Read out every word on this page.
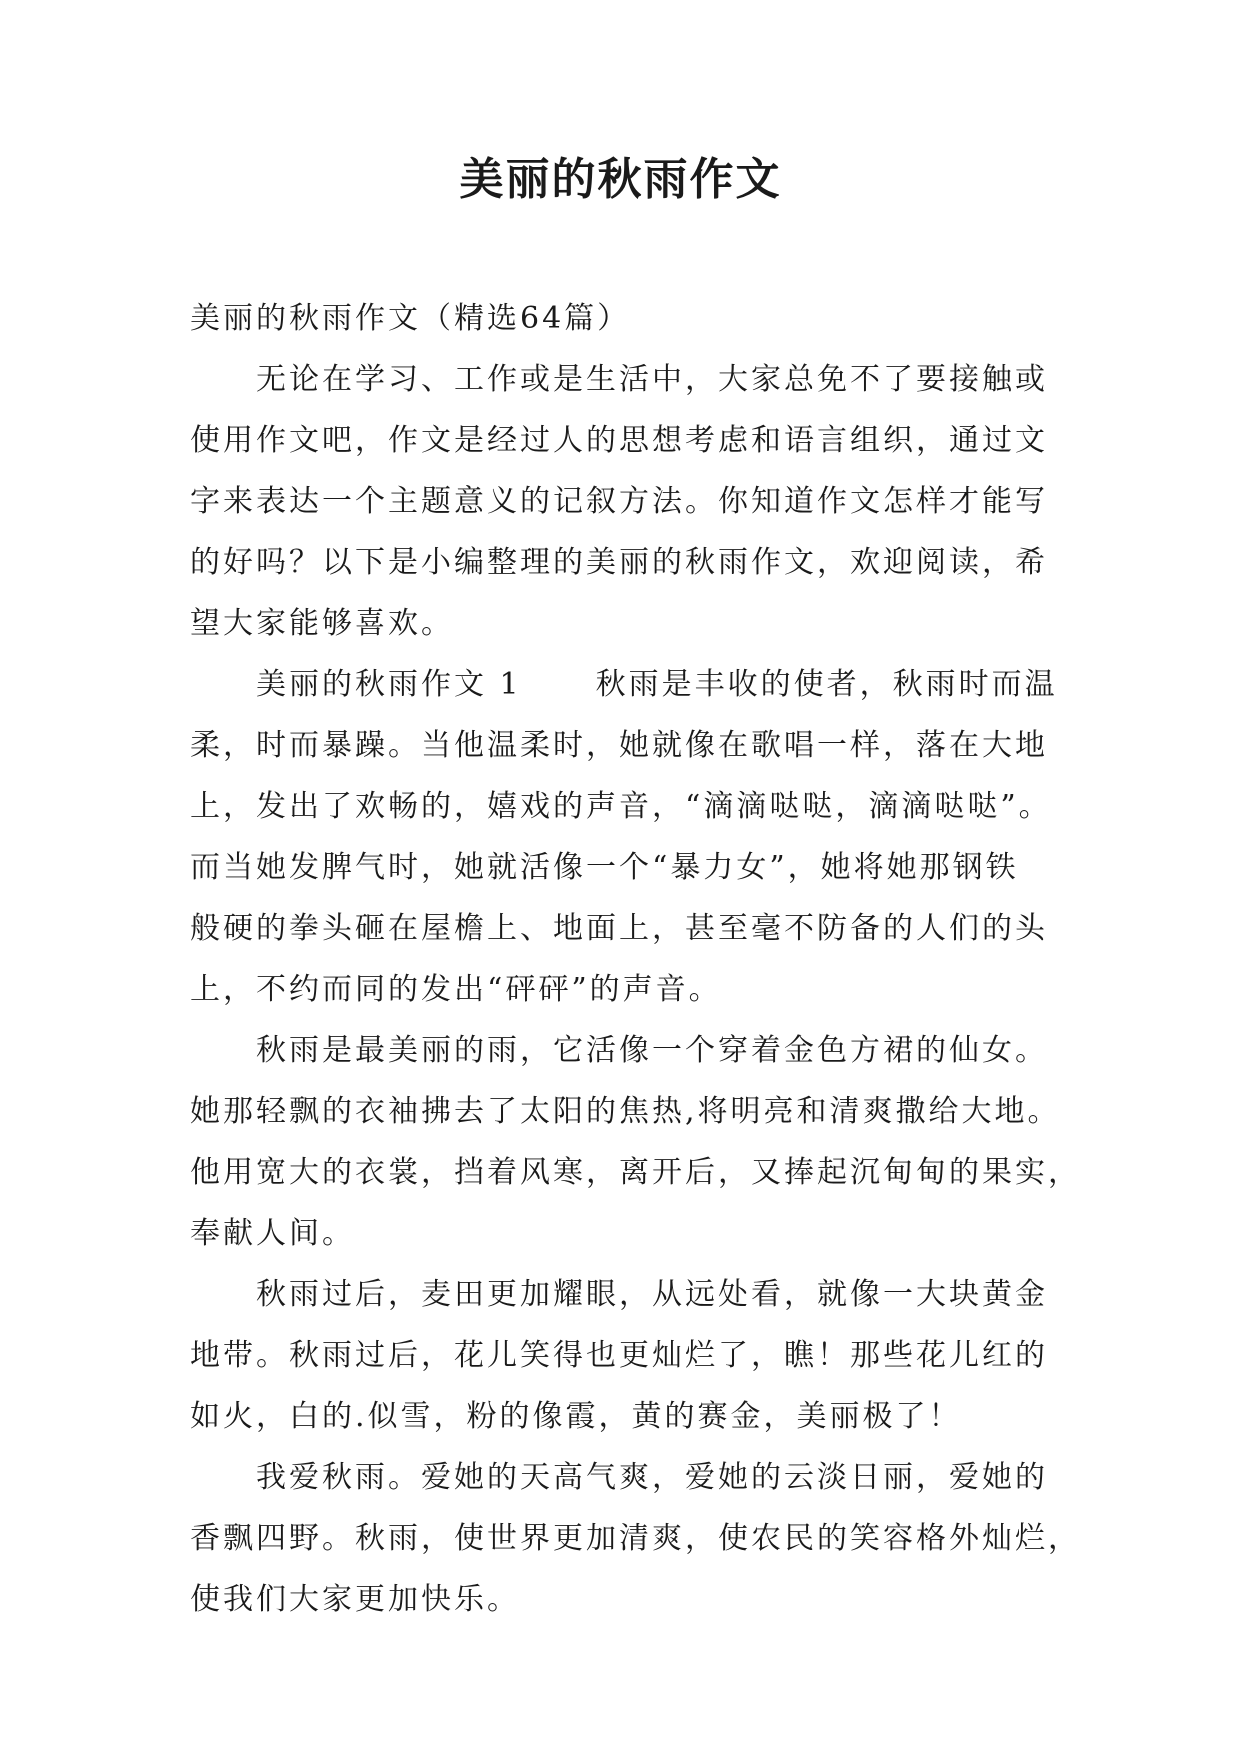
美丽的秋雨作文
美丽的秋雨作文（精选64篇）
无论在学习、工作或是生活中，大家总免不了要接触或
使用作文吧，作文是经过人的思想考虑和语言组织，通过文
字来表达一个主题意义的记叙方法。你知道作文怎样才能写
的好吗？以下是小编整理的美丽的秋雨作文，欢迎阅读，希
望大家能够喜欢。
美丽的秋雨作文 1 秋雨是丰收的使者，秋雨时而温
柔，时而暴躁。当他温柔时，她就像在歌唱一样，落在大地
上，发出了欢畅的，嬉戏的声音，“滴滴哒哒，滴滴哒哒”。
而当她发脾气时，她就活像一个“暴力女”，她将她那钢铁
般硬的拳头砸在屋檐上、地面上，甚至毫不防备的人们的头
上，不约而同的发出“砰砰”的声音。
秋雨是最美丽的雨，它活像一个穿着金色方裙的仙女。
她那轻飘的衣袖拂去了太阳的焦热,将明亮和清爽撒给大地。
他用宽大的衣裳，挡着风寒，离开后，又捧起沉甸甸的果实，
奉献人间。
秋雨过后，麦田更加耀眼，从远处看，就像一大块黄金
地带。秋雨过后，花儿笑得也更灿烂了，瞧！那些花儿红的
如火，白的.似雪，粉的像霞，黄的赛金，美丽极了！
我爱秋雨。爱她的天高气爽，爱她的云淡日丽，爱她的
香飘四野。秋雨，使世界更加清爽，使农民的笑容格外灿烂，
使我们大家更加快乐。
